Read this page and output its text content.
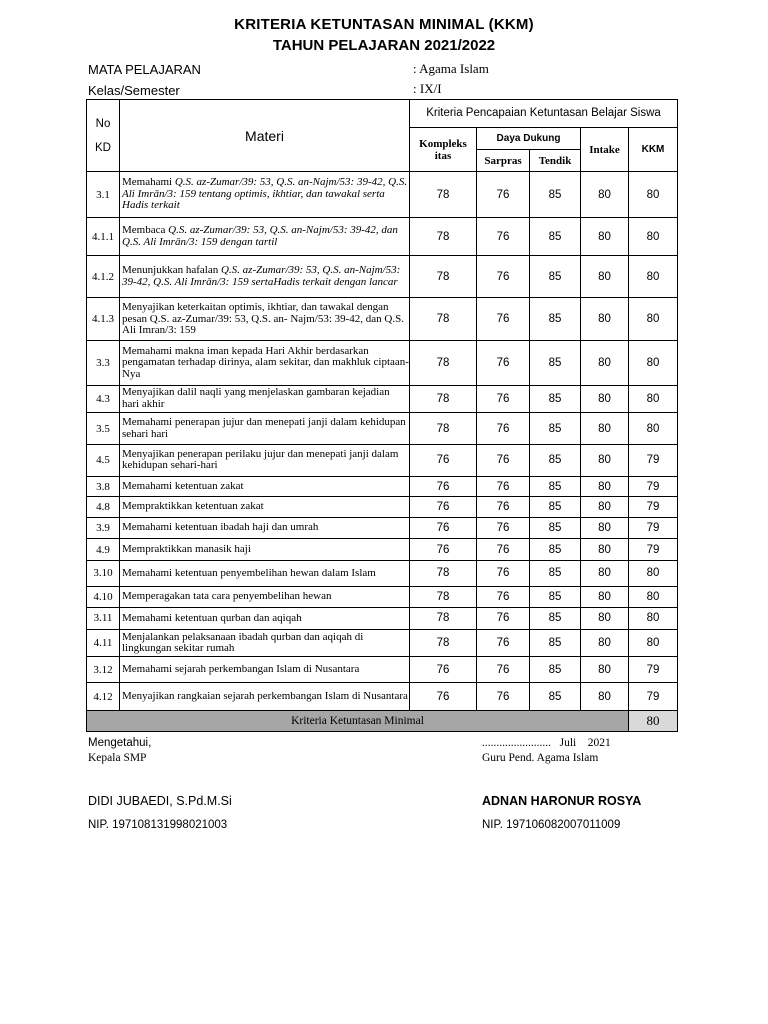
KRITERIA KETUNTASAN MINIMAL (KKM)
TAHUN PELAJARAN 2021/2022
MATA PELAJARAN	: Agama Islam
Kelas/Semester	: IX/I
No
KD	Materi	Kriteria Pencapaian Ketuntasan Belajar Siswa				
		Kompleks itas	Daya Dukung		Intake	KKM
			Sarpras	Tendik		
3.1	Memahami Q.S. az-Zumar/39: 53, Q.S. an-Najm/53: 39-42, Q.S. Ali Imrān/3: 159 tentang optimis, ikhtiar, dan tawakal serta Hadis terkait	78	76	85	80	80
4.1.1	Membaca Q.S. az-Zumar/39: 53, Q.S. an-Najm/53: 39-42, dan Q.S. Ali Imrān/3: 159 dengan tartil	78	76	85	80	80
4.1.2	Menunjukkan hafalan Q.S. az-Zumar/39: 53, Q.S. an-Najm/53: 39-42, Q.S. Ali Imrān/3: 159 sertaHadis terkait dengan lancar	78	76	85	80	80
4.1.3	Menyajikan keterkaitan optimis, ikhtiar, dan tawakal dengan pesan Q.S. az-Zumar/39: 53, Q.S. an- Najm/53: 39-42, dan Q.S. Ali Imran/3: 159	78	76	85	80	80
3.3	Memahami makna iman kepada Hari Akhir berdasarkan pengamatan terhadap dirinya, alam sekitar, dan makhluk ciptaan-Nya	78	76	85	80	80
4.3	Menyajikan dalil naqli yang menjelaskan gambaran kejadian hari akhir	78	76	85	80	80
3.5	Memahami penerapan jujur dan menepati janji dalam kehidupan sehari hari	78	76	85	80	80
4.5	Menyajikan penerapan perilaku jujur dan menepati janji dalam kehidupan sehari-hari	76	76	85	80	79
3.8	Memahami ketentuan zakat	76	76	85	80	79
4.8	Mempraktikkan ketentuan zakat	76	76	85	80	79
3.9	Memahami ketentuan ibadah haji dan umrah	76	76	85	80	79
4.9	Mempraktikkan manasik haji	76	76	85	80	79
3.10	Memahami ketentuan penyembelihan hewan dalam Islam	78	76	85	80	80
4.10	Memperagakan tata cara penyembelihan hewan	78	76	85	80	80
3.11	Memahami ketentuan qurban dan aqiqah	78	76	85	80	80
4.11	Menjalankan pelaksanaan ibadah qurban dan aqiqah di lingkungan sekitar rumah	78	76	85	80	80
3.12	Memahami sejarah perkembangan Islam di Nusantara	76	76	85	80	79
4.12	Menyajikan rangkaian sejarah perkembangan Islam di Nusantara	76	76	85	80	79
Kriteria Ketuntasan Minimal						80
Mengetahui,
Kepala SMP
........................   Juli    2021
Guru Pend. Agama Islam
DIDI JUBAEDI, S.Pd.M.Si	ADNAN HARONUR ROSYA
NIP. 197108131998021003	NIP. 197106082007011009
